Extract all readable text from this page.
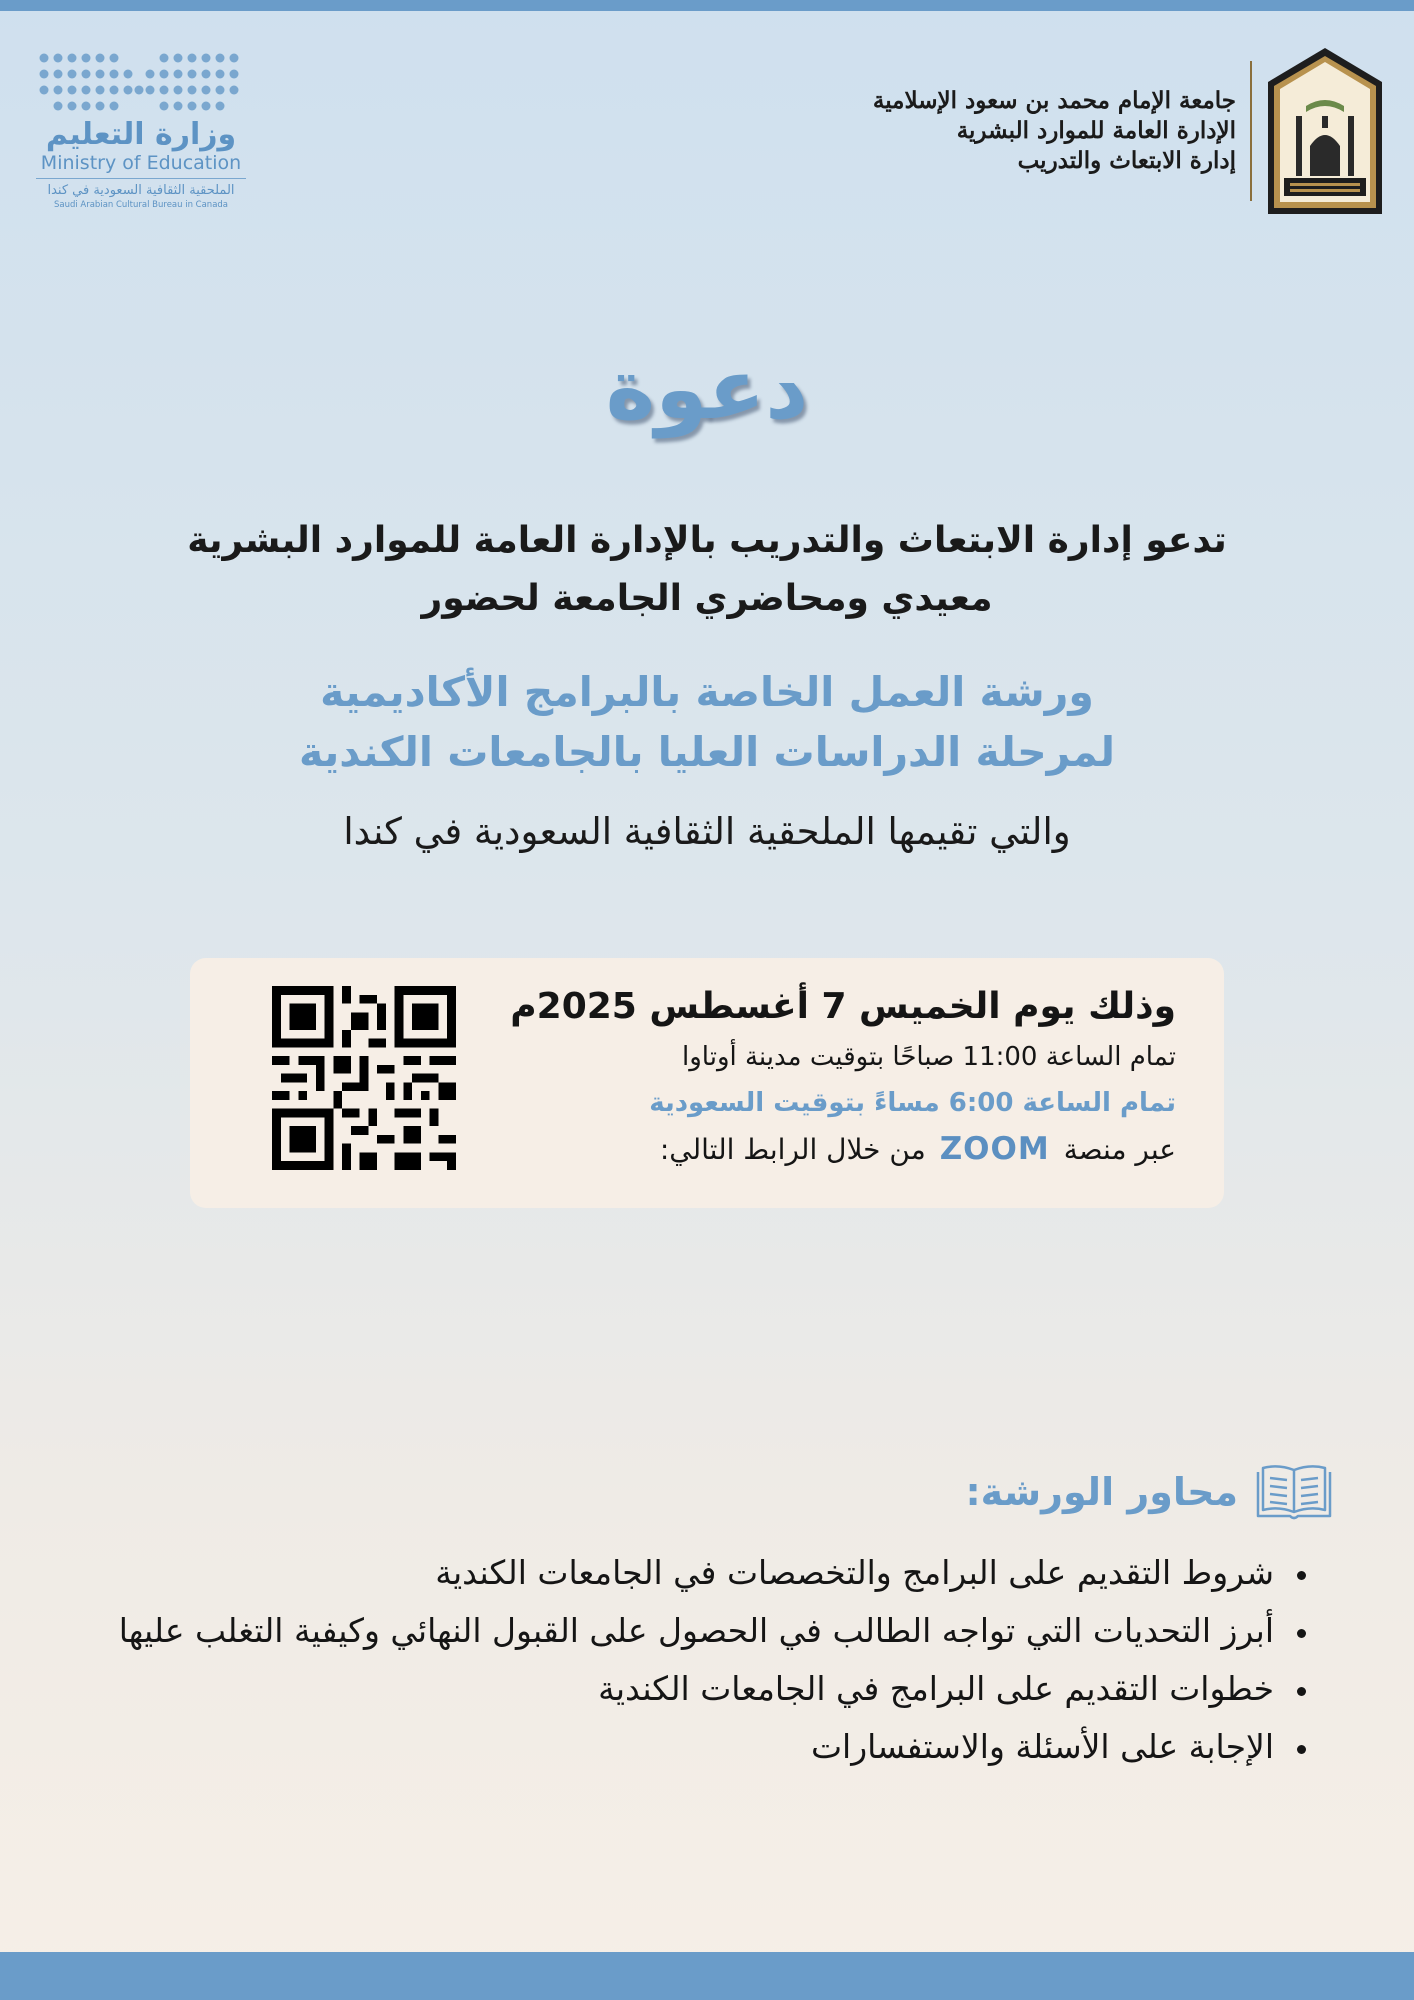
جامعة الإمام محمد بن سعود الإسلامية
الإدارة العامة للموارد البشرية
إدارة الابتعاث والتدريب
وزارة التعليم
Ministry of Education
الملحقية الثقافية السعودية في كندا
Saudi Arabian Cultural Bureau in Canada
دعوة
تدعو إدارة الابتعاث والتدريب بالإدارة العامة للموارد البشرية
معيدي ومحاضري الجامعة لحضور
ورشة العمل الخاصة بالبرامج الأكاديمية
لمرحلة الدراسات العليا بالجامعات الكندية
والتي تقيمها الملحقية الثقافية السعودية في كندا
وذلك يوم الخميس 7 أغسطس 2025م
تمام الساعة 11:00 صباحًا بتوقيت مدينة أوتاوا
تمام الساعة 6:00 مساءً بتوقيت السعودية
عبر منصةZOOMمن خلال الرابط التالي:
محاور الورشة:
شروط التقديم على البرامج والتخصصات في الجامعات الكندية
أبرز التحديات التي تواجه الطالب في الحصول على القبول النهائي وكيفية التغلب عليها
خطوات التقديم على البرامج في الجامعات الكندية
الإجابة على الأسئلة والاستفسارات
